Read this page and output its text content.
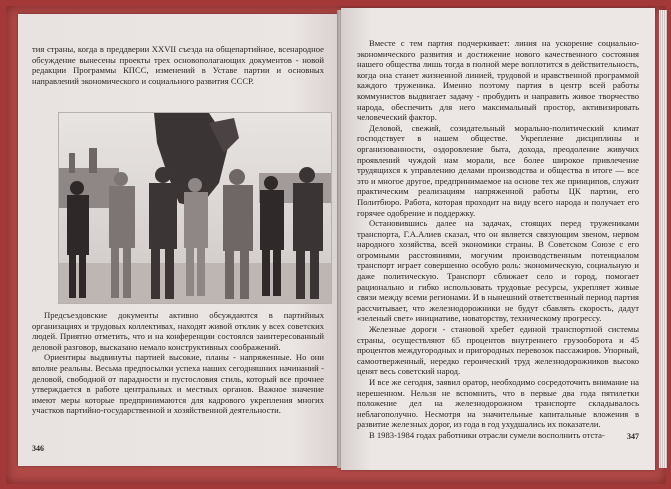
тия страны, когда в преддверии XXVII съезда на общепартийное, всенародное обсуждение вынесены проекты трех основополагающих документов - новой редакции Программы КПСС, изменений в Уставе партии и основных направлений экономического и социального развития СССР.

Предсъездовские документы активно обсуждаются в партийных организациях и трудовых коллективах, находят живой отклик у всех советских людей. Приятно отметить, что и на конференции состоялся заинтересованный деловой разговор, высказано немало конструктивных соображений.

Ориентиры выдвинуты партией высокие, планы - напряженные. Но они вполне реальны. Весьма предпосылки успеха наших сегодняшних начинаний - деловой, свободной от парадности и пустословия стиль, который все прочнее утверждается в работе центральных и местных органов. Важное значение имеют меры которые предпринимаются для кадрового укрепления многих участков партийно-государственной и хозяйственной деятельности.

346

Вместе с тем партия подчеркивает: линия на ускорение социально-экономического развития и достижение нового качественного состояния нашего общества лишь тогда в полной мере воплотится в действительность, когда она станет жизненной линией, трудовой и нравственной программой каждого труженика. Именно поэтому партия в центр всей работы коммунистов выдвигает задачу - пробудить и направить живое творчество народа, обеспечить для него максимальный простор, активизировать человеческий фактор.

Деловой, свежий, созидательный морально-политический климат господствует в нашем обществе. Укрепление дисциплины и организованности, оздоровление быта, дохода, преодоление живучих проявлений чуждой нам морали, все более широкое привлечение трудящихся к управлению делами производства и общества в итоге — все это и многое другое, предпринимаемое на основе тех же принципов, служит практическим реализациям напряженной работы ЦК партии, его Политбюро. Работа, которая проходит на виду всего народа и получает его горячее одобрение и поддержку.

Остановившись далее на задачах, стоящих перед тружениками транспорта, Г.А.Алиев сказал, что он является связующим звеном, нервом народного хозяйства, всей экономики страны. В Советском Союзе с его огромными расстояниями, могучим производственным потенциалом транспорт играет совершенно особую роль: экономическую, социальную и даже политическую. Транспорт сближает село и город, помогает рационально и гибко использовать трудовые ресурсы, укрепляет живые связи между всеми регионами. И в нынешний ответственный период партия рассчитывает, что железнодорожники не будут сбавлять скорость, дадут «зеленый свет» инициативе, новаторству, техническому прогрессу.

Железные дороги - становой хребет единой транспортной системы страны, осуществляют 65 процентов внутреннего грузооборота и 45 процентов междугородных и пригородных перевозок пассажиров. Упорный, самоотверженный, нередко героический труд железнодорожников высоко ценят весь советский народ.

И все же сегодня, заявил оратор, необходимо сосредоточить внимание на нерешенном. Нельзя не вспомнить, что в первые два года пятилетки положение дел на железнодорожном транспорте складывалось неблагополучно. Несмотря на значительные капитальные вложения в развитие железных дорог, из года в год ухудшались их показатели.

В 1983-1984 годах работники отрасли сумели восполнить отста-	347
